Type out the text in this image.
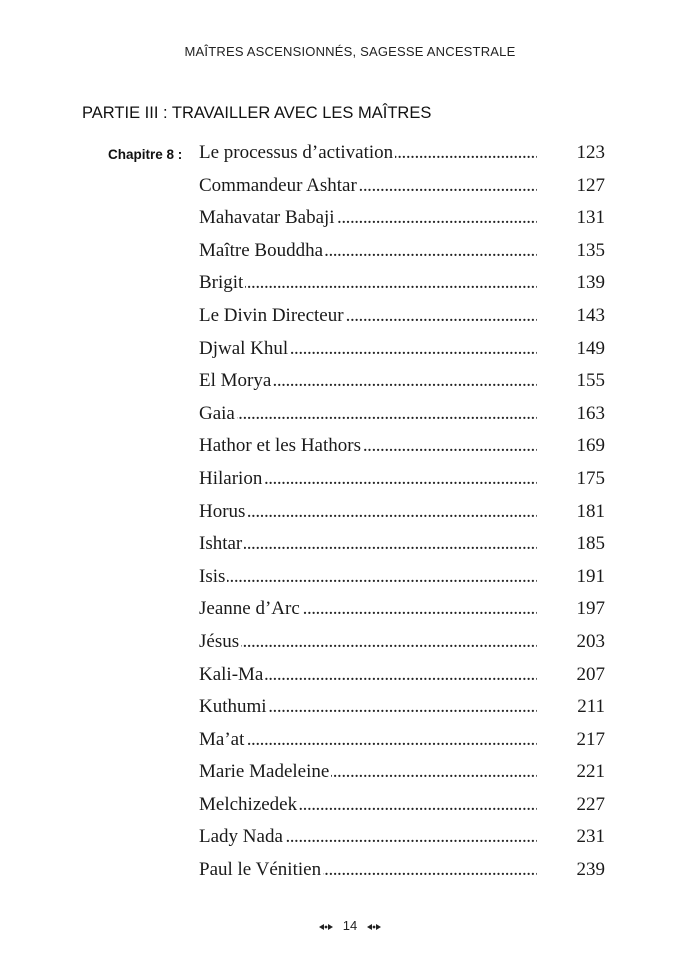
MAÎTRES ASCENSIONNÉS, SAGESSE ANCESTRALE
PARTIE III : TRAVAILLER AVEC LES MAÎTRES
Chapitre 8 : . . . Le processus d’activation	123
. . .
Commandeur Ashtar	127
. . .
Mahavatar Babaji	131
. . .
Maître Bouddha	135
. . .
Brigit	139
. . .
Le Divin Directeur	143
. . .
Djwal Khul	149
. . .
El Morya	155
. . .
Gaia	163
. . .
Hathor et les Hathors	169
. . .
Hilarion	175
. . .
Horus	181
. . .
Ishtar	185
. . .
Isis	191
. . .
Jeanne d’Arc	197
. . .
Jésus	203
. . .
Kali-Ma	207
. . .
Kuthumi	211
. . .
Ma’at	217
. . .
Marie Madeleine	221
. . .
Melchizedek	227
. . .
Lady Nada	231
. . .
Paul le Vénitien	239
14
